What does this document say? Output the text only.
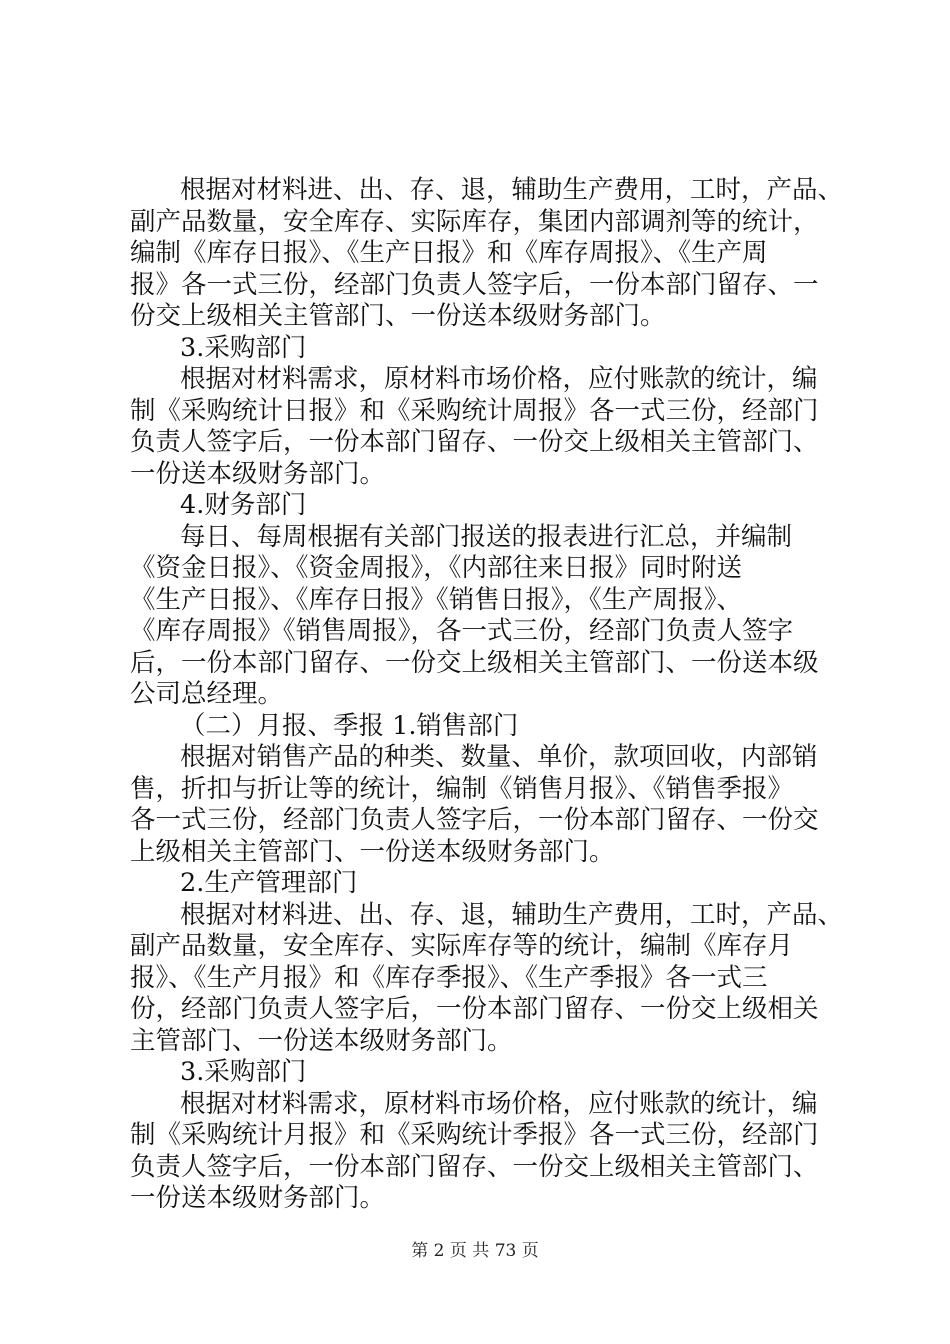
根据对材料进、出、存、退，辅助生产费用，工时，产品、
副产品数量，安全库存、实际库存，集团内部调剂等的统计，
编制《库存日报》、《生产日报》和《库存周报》、《生产周
报》各一式三份，经部门负责人签字后，一份本部门留存、一
份交上级相关主管部门、一份送本级财务部门。
3.采购部门
根据对材料需求，原材料市场价格，应付账款的统计，编
制《采购统计日报》和《采购统计周报》各一式三份，经部门
负责人签字后，一份本部门留存、一份交上级相关主管部门、
一份送本级财务部门。
4.财务部门
每日、每周根据有关部门报送的报表进行汇总，并编制
《资金日报》、《资金周报》，《内部往来日报》同时附送
《生产日报》、《库存日报》《销售日报》，《生产周报》、
《库存周报》《销售周报》，各一式三份，经部门负责人签字
后，一份本部门留存、一份交上级相关主管部门、一份送本级
公司总经理。
（二）月报、季报 1.销售部门
根据对销售产品的种类、数量、单价，款项回收，内部销
售，折扣与折让等的统计，编制《销售月报》、《销售季报》
各一式三份，经部门负责人签字后，一份本部门留存、一份交
上级相关主管部门、一份送本级财务部门。
2.生产管理部门
根据对材料进、出、存、退，辅助生产费用，工时，产品、
副产品数量，安全库存、实际库存等的统计，编制《库存月
报》、《生产月报》和《库存季报》、《生产季报》各一式三
份，经部门负责人签字后，一份本部门留存、一份交上级相关
主管部门、一份送本级财务部门。
3.采购部门
根据对材料需求，原材料市场价格，应付账款的统计，编
制《采购统计月报》和《采购统计季报》各一式三份，经部门
负责人签字后，一份本部门留存、一份交上级相关主管部门、
一份送本级财务部门。
第 2 页 共 73 页
